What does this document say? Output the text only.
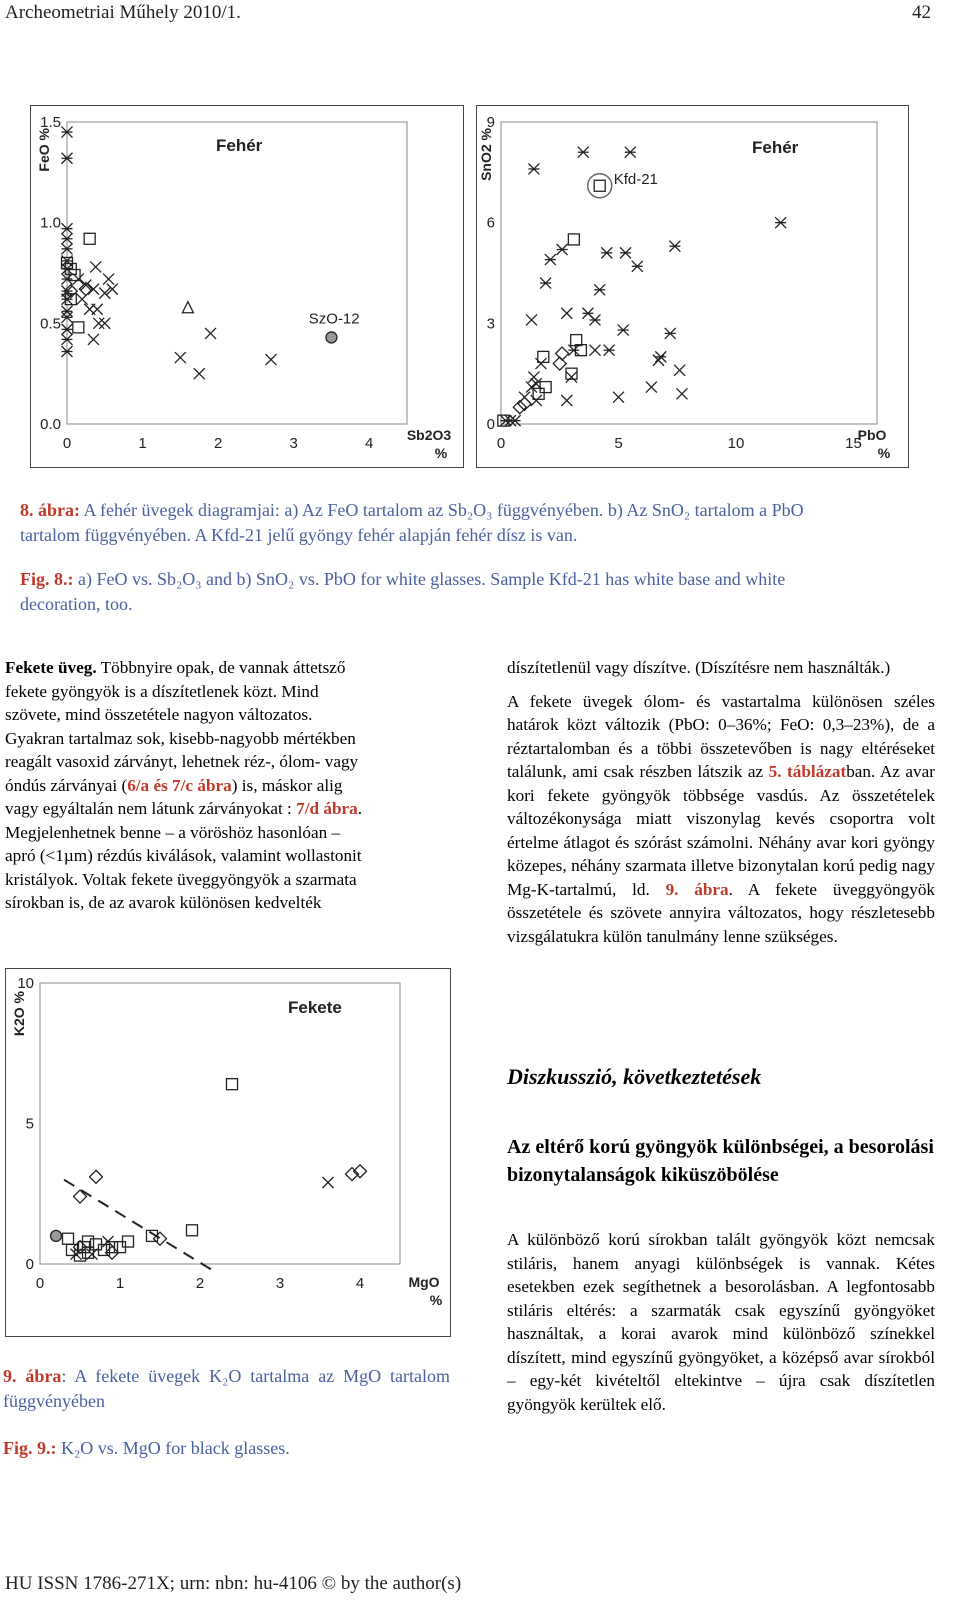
Archeometriai Műhely 2010/1.	42
0	1	2	3	4
0.0
0.5
1.0
1.5
Fehér
FeO %
Sb2O3
%
SzO-12
0	5	10	15
0
3
6
9
Fehér
SnO2 %
PbO
%
Kfd-21
8. ábra: A fehér üvegek diagramjai: a) Az FeO tartalom az Sb₂O₃ függvényében. b) Az SnO₂ tartalom a PbO
tartalom függvényében. A Kfd-21 jelű gyöngy fehér alapján fehér dísz is van.
Fig. 8.: a) FeO vs. Sb₂O₃ and b) SnO₂ vs. PbO for white glasses. Sample Kfd-21 has white base and white
decoration, too.
Fekete üveg. Többnyire opak, de vannak áttetsző
fekete gyöngyök is a díszítetlenek közt. Mind
szövete, mind összetétele nagyon változatos.
Gyakran tartalmaz sok, kisebb-nagyobb mértékben
reagált vasoxid zárványt, lehetnek réz-, ólom- vagy
óndús zárványai (6/a és 7/c ábra) is, máskor alig
vagy egyáltalán nem látunk zárványokat : 7/d ábra.
Megjelenhetnek benne – a vöröshöz hasonlóan –
apró (<1µm) rézdús kiválások, valamint wollastonit
kristályok. Voltak fekete üveggyöngyök a szarmata
sírokban is, de az avarok különösen kedvelték
0	1	2	3	4
0
5
10
Fekete
K2O %
MgO
%
9. ábra: A fekete üvegek K₂O tartalma az MgO tartalom függvényében
Fig. 9.: K₂O vs. MgO for black glasses.

díszítetlenül vagy díszítve. (Díszítésre nem használták.)

A fekete üvegek ólom- és vastartalma különösen széles határok közt változik (PbO: 0–36%; FeO: 0,3–23%), de a réztartalomban és a többi összetevőben is nagy eltéréseket találunk, ami csak részben látszik az 5. táblázatban. Az avar kori fekete gyöngyök többsége vasdús. Az összetételek változékonysága miatt viszonylag kevés csoportra volt értelme átlagot és szórást számolni. Néhány avar kori gyöngy közepes, néhány szarmata illetve bizonytalan korú pedig nagy Mg-K-tartalmú, ld. 9. ábra. A fekete üveggyöngyök összetétele és szövete annyira változatos, hogy részletesebb vizsgálatukra külön tanulmány lenne szükséges.

Diszkusszió, következtetések
Az eltérő korú gyöngyök különbségei, a besorolási bizonytalanságok kiküszöbölése
A különböző korú sírokban talált gyöngyök közt nemcsak stiláris, hanem anyagi különbségek is vannak. Kétes esetekben ezek segíthetnek a besorolásban. A legfontosabb stiláris eltérés: a szarmaták csak egyszínű gyöngyöket használtak, a korai avarok mind különböző színekkel díszített, mind egyszínű gyöngyöket, a középső avar sírokból – egy-két kivételtől eltekintve – újra csak díszítetlen gyöngyök kerültek elő.
HU ISSN 1786-271X; urn: nbn: hu-4106 © by the author(s)
